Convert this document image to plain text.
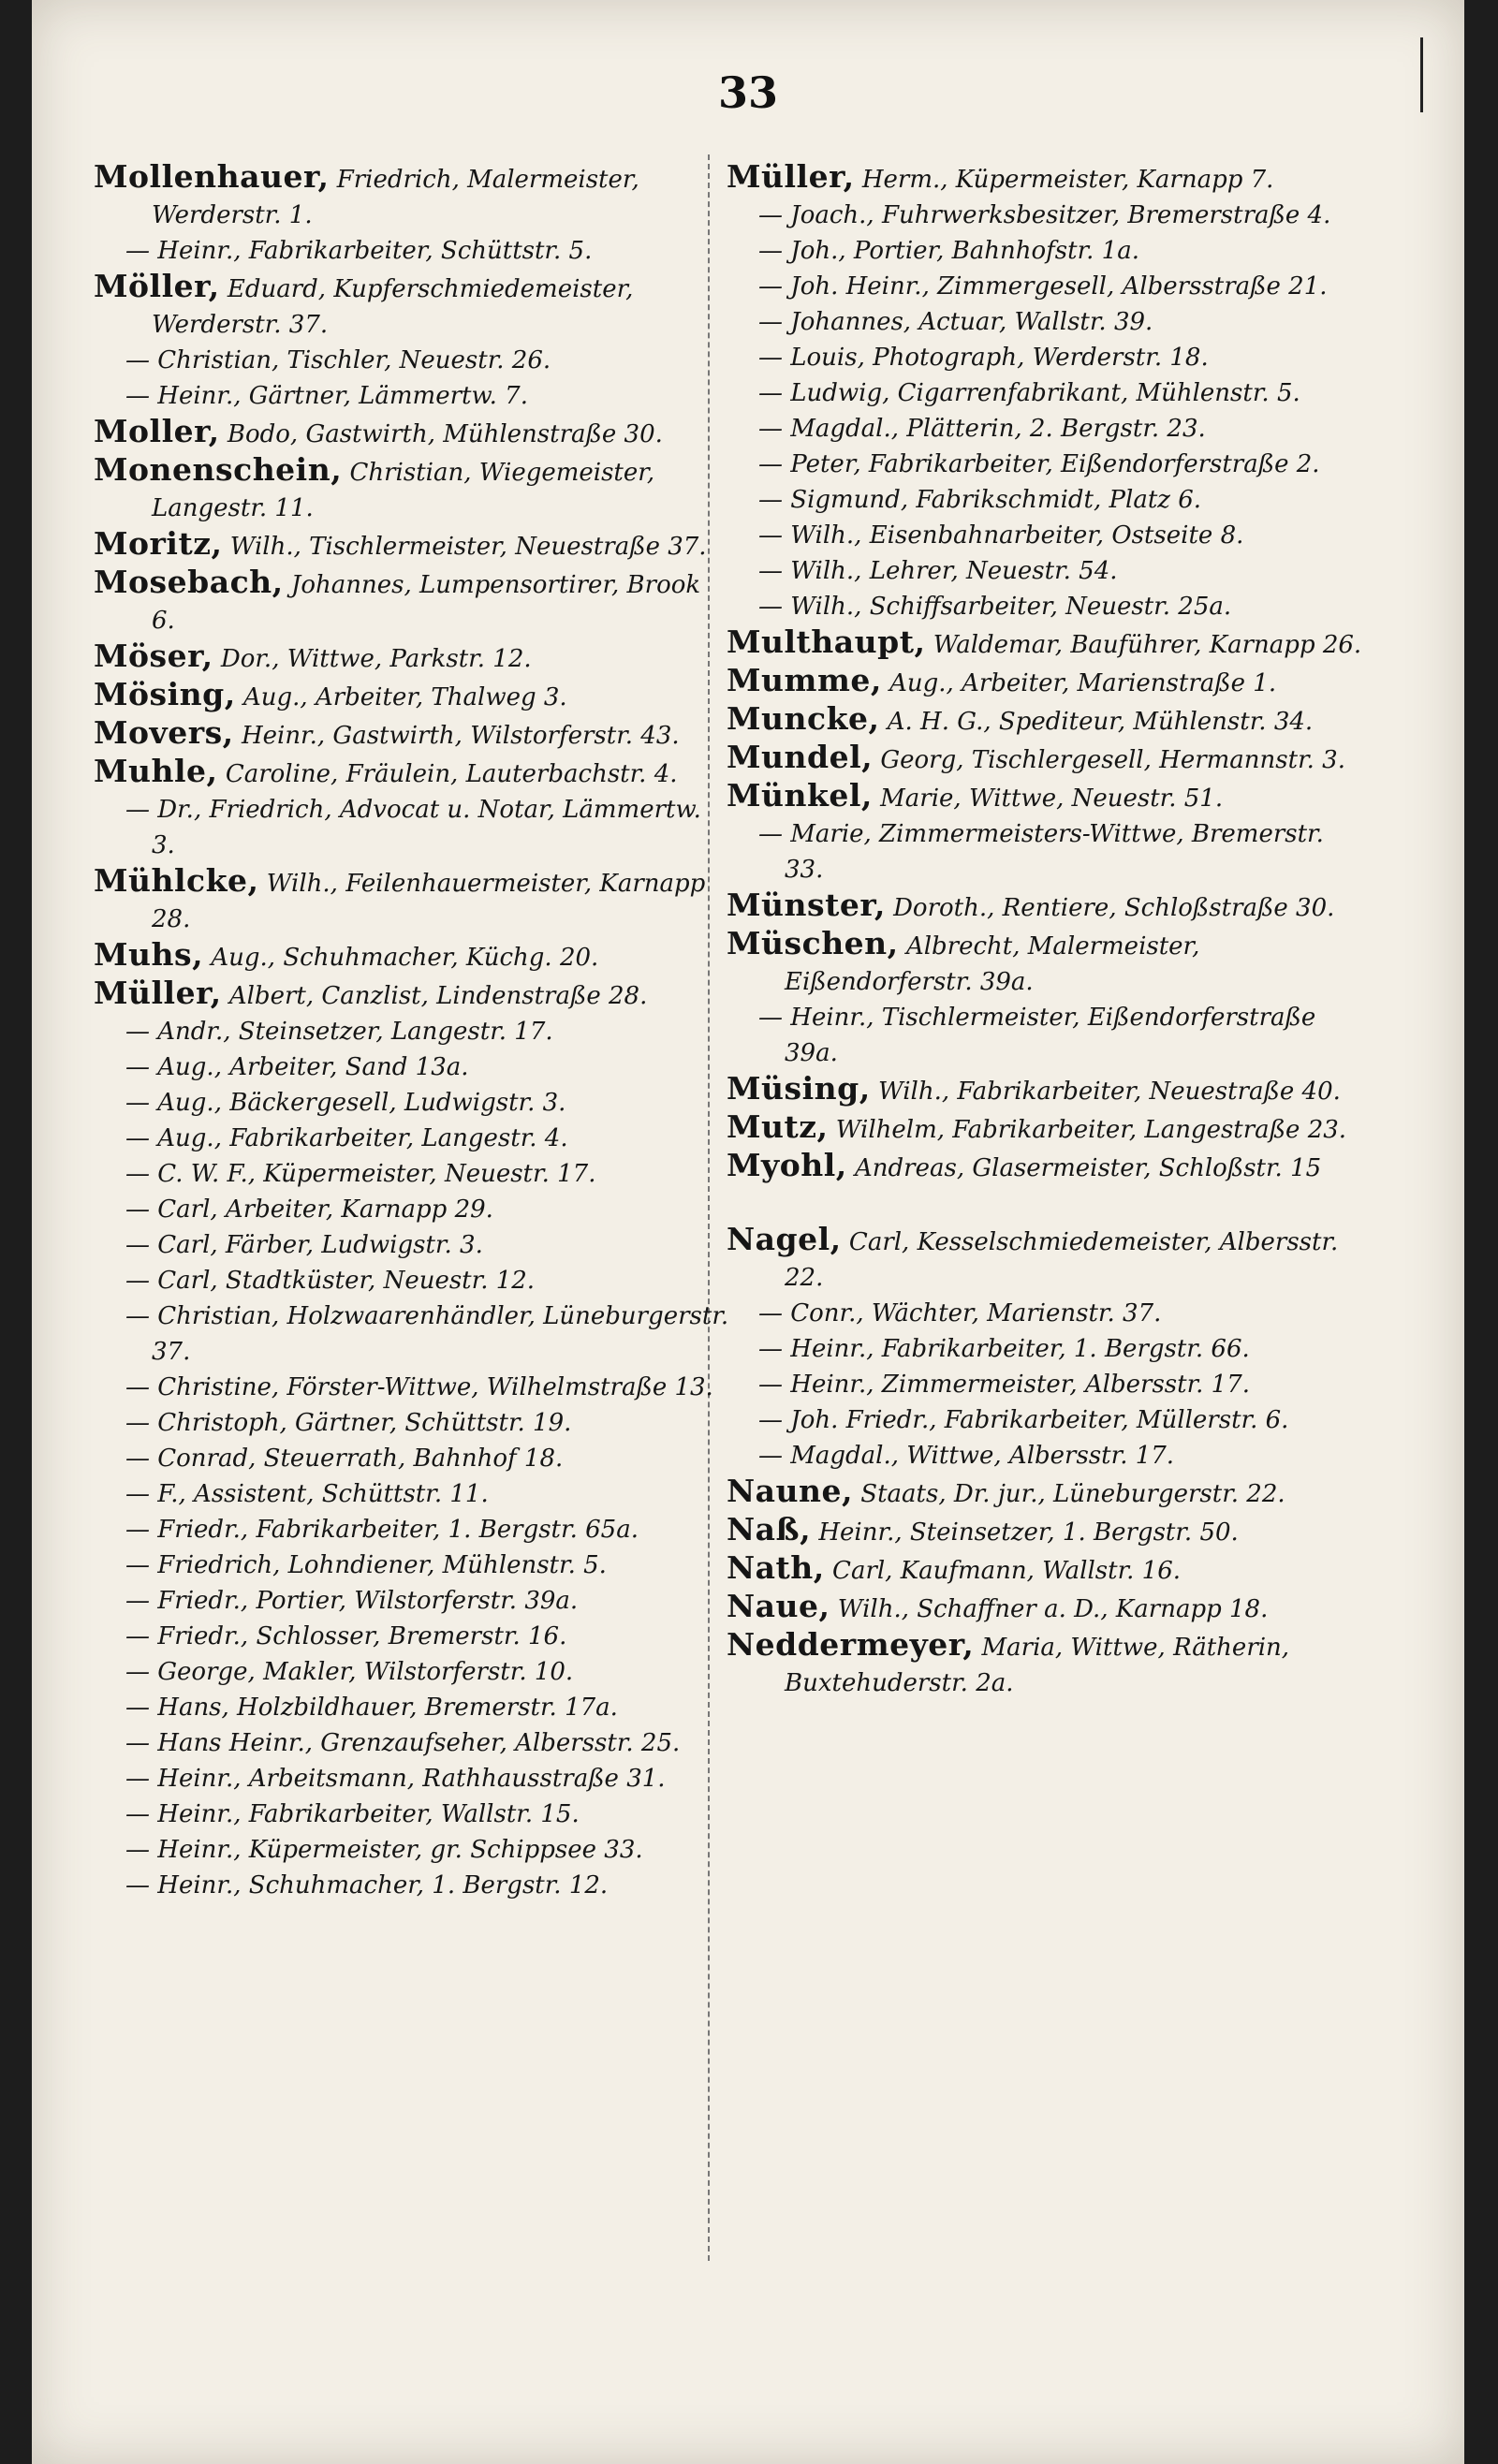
33
Mollenhauer, Friedrich, Malermeister, Werderstr. 1.
— Heinr., Fabrikarbeiter, Schüttstr. 5.
Möller, Eduard, Kupferschmiedemeister, Werderstr. 37.
— Christian, Tischler, Neuestr. 26.
— Heinr., Gärtner, Lämmertw. 7.
Moller, Bodo, Gastwirth, Mühlenstraße 30.
Monenschein, Christian, Wiegemeister, Langestr. 11.
Moritz, Wilh., Tischlermeister, Neuestraße 37.
Mosebach, Johannes, Lumpensortirer, Brook 6.
Möser, Dor., Wittwe, Parkstr. 12.
Mösing, Aug., Arbeiter, Thalweg 3.
Movers, Heinr., Gastwirth, Wilstorferstr. 43.
Muhle, Caroline, Fräulein, Lauterbachstr. 4.
— Dr., Friedrich, Advocat u. Notar, Lämmertw. 3.
Mühlcke, Wilh., Feilenhauermeister, Karnapp 28.
Muhs, Aug., Schuhmacher, Küchg. 20.
Müller, Albert, Canzlist, Lindenstraße 28.
— Andr., Steinsetzer, Langestr. 17.
— Aug., Arbeiter, Sand 13a.
— Aug., Bäckergesell, Ludwigstr. 3.
— Aug., Fabrikarbeiter, Langestr. 4.
— C. W. F., Küpermeister, Neuestr. 17.
— Carl, Arbeiter, Karnapp 29.
— Carl, Färber, Ludwigstr. 3.
— Carl, Stadtküster, Neuestr. 12.
— Christian, Holzwaarenhändler, Lüneburgerstr. 37.
— Christine, Förster-Wittwe, Wilhelmstraße 13.
— Christoph, Gärtner, Schüttstr. 19.
— Conrad, Steuerrath, Bahnhof 18.
— F., Assistent, Schüttstr. 11.
— Friedr., Fabrikarbeiter, 1. Bergstr. 65a.
— Friedrich, Lohndiener, Mühlenstr. 5.
— Friedr., Portier, Wilstorferstr. 39a.
— Friedr., Schlosser, Bremerstr. 16.
— George, Makler, Wilstorferstr. 10.
— Hans, Holzbildhauer, Bremerstr. 17a.
— Hans Heinr., Grenzaufseher, Albersstr. 25.
— Heinr., Arbeitsmann, Rathhausstraße 31.
— Heinr., Fabrikarbeiter, Wallstr. 15.
— Heinr., Küpermeister, gr. Schippsee 33.
— Heinr., Schuhmacher, 1. Bergstr. 12.
Müller, Herm., Küpermeister, Karnapp 7.
— Joach., Fuhrwerksbesitzer, Bremerstraße 4.
— Joh., Portier, Bahnhofstr. 1a.
— Joh. Heinr., Zimmergesell, Albersstraße 21.
— Johannes, Actuar, Wallstr. 39.
— Louis, Photograph, Werderstr. 18.
— Ludwig, Cigarrenfabrikant, Mühlenstr. 5.
— Magdal., Plätterin, 2. Bergstr. 23.
— Peter, Fabrikarbeiter, Eißendorferstraße 2.
— Sigmund, Fabrikschmidt, Platz 6.
— Wilh., Eisenbahnarbeiter, Ostseite 8.
— Wilh., Lehrer, Neuestr. 54.
— Wilh., Schiffsarbeiter, Neuestr. 25a.
Multhaupt, Waldemar, Bauführer, Karnapp 26.
Mumme, Aug., Arbeiter, Marienstraße 1.
Muncke, A. H. G., Spediteur, Mühlenstr. 34.
Mundel, Georg, Tischlergesell, Hermannstr. 3.
Münkel, Marie, Wittwe, Neuestr. 51.
— Marie, Zimmermeisters-Wittwe, Bremerstr. 33.
Münster, Doroth., Rentiere, Schloßstraße 30.
Müschen, Albrecht, Malermeister, Eißendorferstr. 39a.
— Heinr., Tischlermeister, Eißendorferstraße 39a.
Müsing, Wilh., Fabrikarbeiter, Neuestraße 40.
Mutz, Wilhelm, Fabrikarbeiter, Langestraße 23.
Myohl, Andreas, Glasermeister, Schloßstr. 15
Nagel, Carl, Kesselschmiedemeister, Albersstr. 22.
— Conr., Wächter, Marienstr. 37.
— Heinr., Fabrikarbeiter, 1. Bergstr. 66.
— Heinr., Zimmermeister, Albersstr. 17.
— Joh. Friedr., Fabrikarbeiter, Müllerstr. 6.
— Magdal., Wittwe, Albersstr. 17.
Naune, Staats, Dr. jur., Lüneburgerstr. 22.
Naß, Heinr., Steinsetzer, 1. Bergstr. 50.
Nath, Carl, Kaufmann, Wallstr. 16.
Naue, Wilh., Schaffner a. D., Karnapp 18.
Neddermeyer, Maria, Wittwe, Rätherin, Buxtehuderstr. 2a.
